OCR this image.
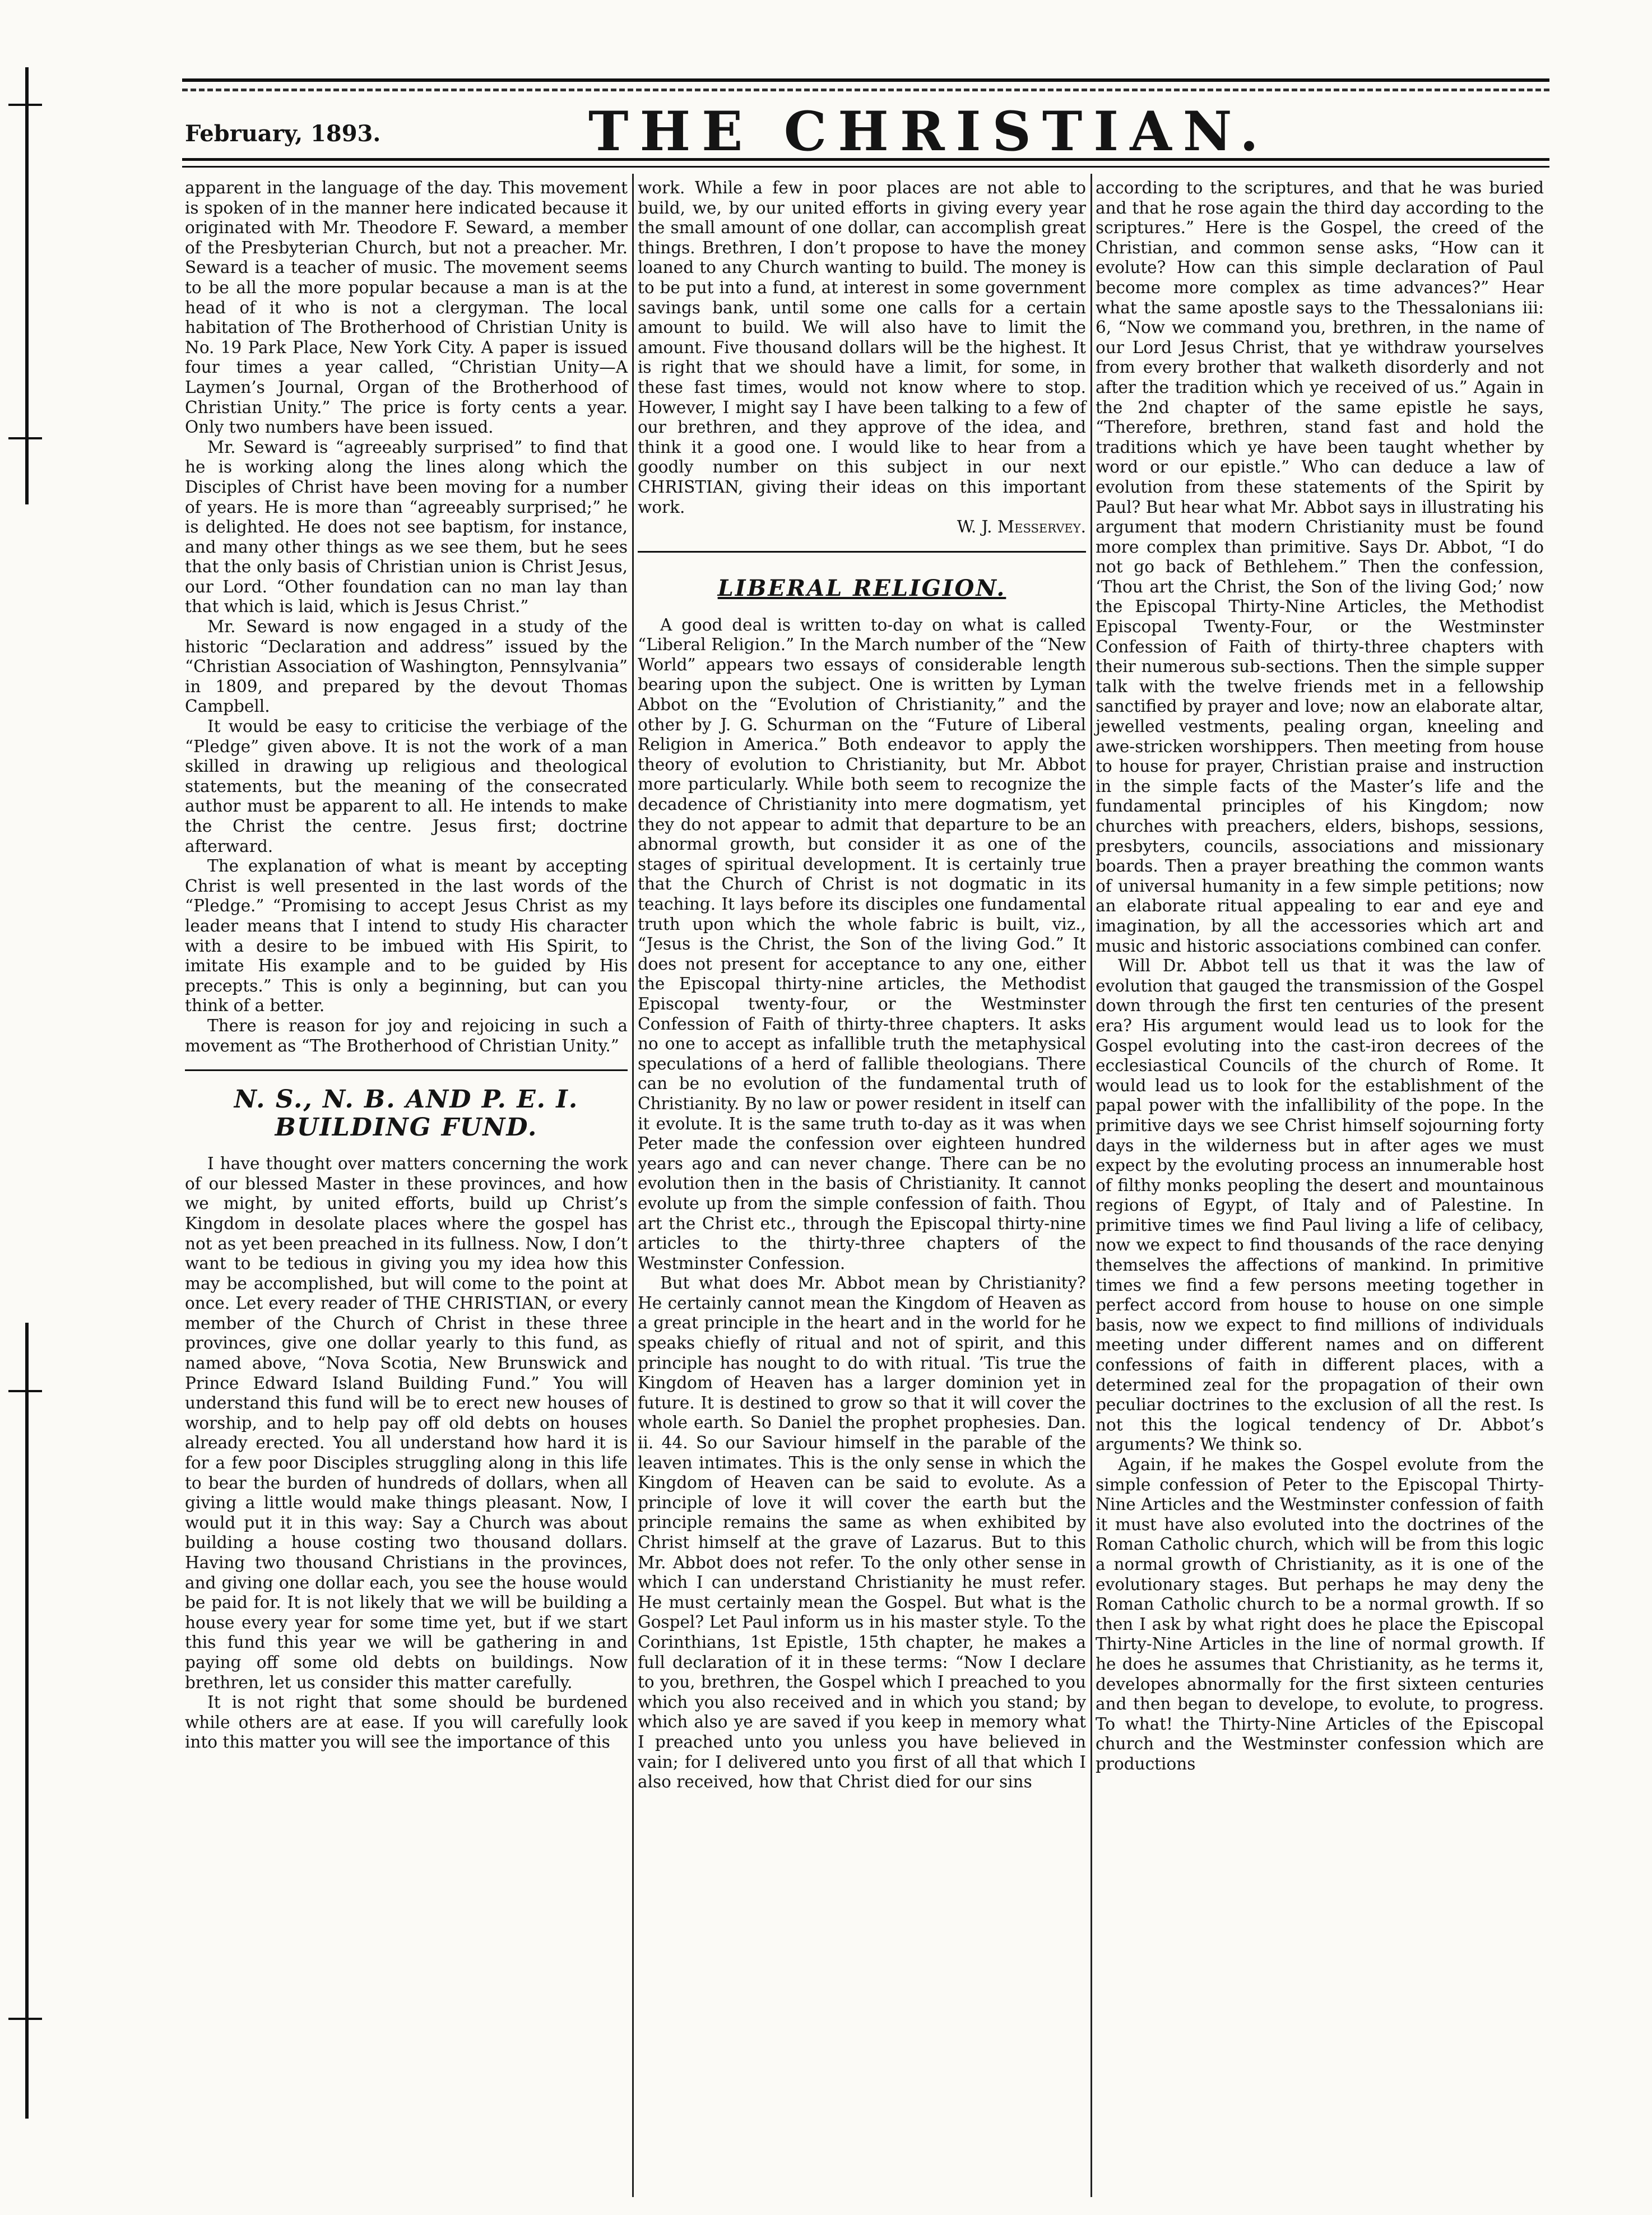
February, 1893.	THE CHRISTIAN.

apparent in the language of the day. This movement is spoken of in the manner here indicated because it originated with Mr. Theodore F. Seward, a member of the Presbyterian Church, but not a preacher. Mr. Seward is a teacher of music. The movement seems to be all the more popular because a man is at the head of it who is not a clergyman. The local habitation of The Brotherhood of Christian Unity is No. 19 Park Place, New York City. A paper is issued four times a year called, “Christian Unity—A Laymen’s Journal, Organ of the Brotherhood of Christian Unity.” The price is forty cents a year. Only two numbers have been issued.

Mr. Seward is “agreeably surprised” to find that he is working along the lines along which the Disciples of Christ have been moving for a number of years. He is more than “agreeably surprised;” he is delighted. He does not see baptism, for instance, and many other things as we see them, but he sees that the only basis of Christian union is Christ Jesus, our Lord. “Other foundation can no man lay than that which is laid, which is Jesus Christ.”

Mr. Seward is now engaged in a study of the historic “Declaration and address” issued by the “Christian Association of Washington, Pennsylvania” in 1809, and prepared by the devout Thomas Campbell.

It would be easy to criticise the verbiage of the “Pledge” given above. It is not the work of a man skilled in drawing up religious and theological statements, but the meaning of the consecrated author must be apparent to all. He intends to make the Christ the centre. Jesus first; doctrine afterward.

The explanation of what is meant by accepting Christ is well presented in the last words of the “Pledge.” “Promising to accept Jesus Christ as my leader means that I intend to study His character with a desire to be imbued with His Spirit, to imitate His example and to be guided by His precepts.” This is only a beginning, but can you think of a better.

There is reason for joy and rejoicing in such a movement as “The Brotherhood of Christian Unity.”

N. S., N. B. AND P. E. I. BUILDING FUND.

I have thought over matters concerning the work of our blessed Master in these provinces, and how we might, by united efforts, build up Christ’s Kingdom in desolate places where the gospel has not as yet been preached in its fullness. Now, I don’t want to be tedious in giving you my idea how this may be accomplished, but will come to the point at once. Let every reader of THE CHRISTIAN, or every member of the Church of Christ in these three provinces, give one dollar yearly to this fund, as named above, “Nova Scotia, New Brunswick and Prince Edward Island Building Fund.” You will understand this fund will be to erect new houses of worship, and to help pay off old debts on houses already erected. You all understand how hard it is for a few poor Disciples struggling along in this life to bear the burden of hundreds of dollars, when all giving a little would make things pleasant. Now, I would put it in this way: Say a Church was about building a house costing two thousand dollars. Having two thousand Christians in the provinces, and giving one dollar each, you see the house would be paid for. It is not likely that we will be building a house every year for some time yet, but if we start this fund this year we will be gathering in and paying off some old debts on buildings. Now brethren, let us consider this matter carefully.

It is not right that some should be burdened while others are at ease. If you will carefully look into this matter you will see the importance of this

work. While a few in poor places are not able to build, we, by our united efforts in giving every year the small amount of one dollar, can accomplish great things. Brethren, I don’t propose to have the money loaned to any Church wanting to build. The money is to be put into a fund, at interest in some government savings bank, until some one calls for a certain amount to build. We will also have to limit the amount. Five thousand dollars will be the highest. It is right that we should have a limit, for some, in these fast times, would not know where to stop. However, I might say I have been talking to a few of our brethren, and they approve of the idea, and think it a good one. I would like to hear from a goodly number on this subject in our next CHRISTIAN, giving their ideas on this important work.

W. J. Messervey.

LIBERAL RELIGION.

A good deal is written to-day on what is called “Liberal Religion.” In the March number of the “New World” appears two essays of considerable length bearing upon the subject. One is written by Lyman Abbot on the “Evolution of Christianity,” and the other by J. G. Schurman on the “Future of Liberal Religion in America.” Both endeavor to apply the theory of evolution to Christianity, but Mr. Abbot more particularly. While both seem to recognize the decadence of Christianity into mere dogmatism, yet they do not appear to admit that departure to be an abnormal growth, but consider it as one of the stages of spiritual development. It is certainly true that the Church of Christ is not dogmatic in its teaching. It lays before its disciples one fundamental truth upon which the whole fabric is built, viz., “Jesus is the Christ, the Son of the living God.” It does not present for acceptance to any one, either the Episcopal thirty-nine articles, the Methodist Episcopal twenty-four, or the Westminster Confession of Faith of thirty-three chapters. It asks no one to accept as infallible truth the metaphysical speculations of a herd of fallible theologians. There can be no evolution of the fundamental truth of Christianity. By no law or power resident in itself can it evolute. It is the same truth to-day as it was when Peter made the confession over eighteen hundred years ago and can never change. There can be no evolution then in the basis of Christianity. It cannot evolute up from the simple confession of faith. Thou art the Christ etc., through the Episcopal thirty-nine articles to the thirty-three chapters of the Westminster Confession.

But what does Mr. Abbot mean by Christianity? He certainly cannot mean the Kingdom of Heaven as a great principle in the heart and in the world for he speaks chiefly of ritual and not of spirit, and this principle has nought to do with ritual. ’Tis true the Kingdom of Heaven has a larger dominion yet in future. It is destined to grow so that it will cover the whole earth. So Daniel the prophet prophesies. Dan. ii. 44. So our Saviour himself in the parable of the leaven intimates. This is the only sense in which the Kingdom of Heaven can be said to evolute. As a principle of love it will cover the earth but the principle remains the same as when exhibited by Christ himself at the grave of Lazarus. But to this Mr. Abbot does not refer. To the only other sense in which I can understand Christianity he must refer. He must certainly mean the Gospel. But what is the Gospel? Let Paul inform us in his master style. To the Corinthians, 1st Epistle, 15th chapter, he makes a full declaration of it in these terms: “Now I declare to you, brethren, the Gospel which I preached to you which you also received and in which you stand; by which also ye are saved if you keep in memory what I preached unto you unless you have believed in vain; for I delivered unto you first of all that which I also received, how that Christ died for our sins

according to the scriptures, and that he was buried and that he rose again the third day according to the scriptures.” Here is the Gospel, the creed of the Christian, and common sense asks, “How can it evolute? How can this simple declaration of Paul become more complex as time advances?” Hear what the same apostle says to the Thessalonians iii: 6, “Now we command you, brethren, in the name of our Lord Jesus Christ, that ye withdraw yourselves from every brother that walketh disorderly and not after the tradition which ye received of us.” Again in the 2nd chapter of the same epistle he says, “Therefore, brethren, stand fast and hold the traditions which ye have been taught whether by word or our epistle.” Who can deduce a law of evolution from these statements of the Spirit by Paul? But hear what Mr. Abbot says in illustrating his argument that modern Christianity must be found more complex than primitive. Says Dr. Abbot, “I do not go back of Bethlehem.” Then the confession, ‘Thou art the Christ, the Son of the living God;’ now the Episcopal Thirty-Nine Articles, the Methodist Episcopal Twenty-Four, or the Westminster Confession of Faith of thirty-three chapters with their numerous sub-sections. Then the simple supper talk with the twelve friends met in a fellowship sanctified by prayer and love; now an elaborate altar, jewelled vestments, pealing organ, kneeling and awe-stricken worshippers. Then meeting from house to house for prayer, Christian praise and instruction in the simple facts of the Master’s life and the fundamental principles of his Kingdom; now churches with preachers, elders, bishops, sessions, presbyters, councils, associations and missionary boards. Then a prayer breathing the common wants of universal humanity in a few simple petitions; now an elaborate ritual appealing to ear and eye and imagination, by all the accessories which art and music and historic associations combined can confer.

Will Dr. Abbot tell us that it was the law of evolution that gauged the transmission of the Gospel down through the first ten centuries of the present era? His argument would lead us to look for the Gospel evoluting into the cast-iron decrees of the ecclesiastical Councils of the church of Rome. It would lead us to look for the establishment of the papal power with the infallibility of the pope. In the primitive days we see Christ himself sojourning forty days in the wilderness but in after ages we must expect by the evoluting process an innumerable host of filthy monks peopling the desert and mountainous regions of Egypt, of Italy and of Palestine. In primitive times we find Paul living a life of celibacy, now we expect to find thousands of the race denying themselves the affections of mankind. In primitive times we find a few persons meeting together in perfect accord from house to house on one simple basis, now we expect to find millions of individuals meeting under different names and on different confessions of faith in different places, with a determined zeal for the propagation of their own peculiar doctrines to the exclusion of all the rest. Is not this the logical tendency of Dr. Abbot’s arguments? We think so.

Again, if he makes the Gospel evolute from the simple confession of Peter to the Episcopal Thirty-Nine Articles and the Westminster confession of faith it must have also evoluted into the doctrines of the Roman Catholic church, which will be from this logic a normal growth of Christianity, as it is one of the evolutionary stages. But perhaps he may deny the Roman Catholic church to be a normal growth. If so then I ask by what right does he place the Episcopal Thirty-Nine Articles in the line of normal growth. If he does he assumes that Christianity, as he terms it, developes abnormally for the first sixteen centuries and then began to develope, to evolute, to progress. To what! the Thirty-Nine Articles of the Episcopal church and the Westminster confession which are productions
